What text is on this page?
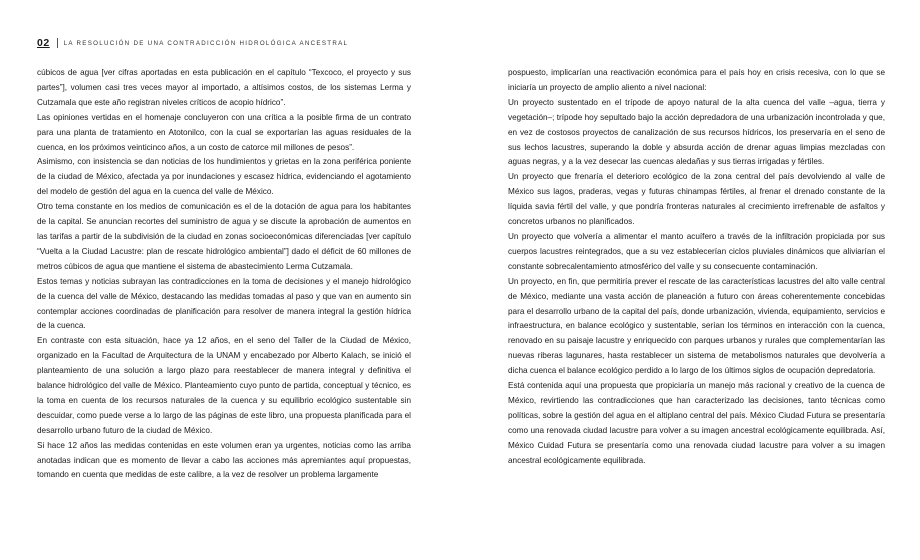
02 LA RESOLUCIÓN DE UNA CONTRADICCIÓN HIDROLÓGICA ANCESTRAL

cúbicos de agua [ver cifras aportadas en esta publicación en el capítulo “Texcoco, el proyecto y sus partes”], volumen casi tres veces mayor al importado, a altísimos costos, de los sistemas Lerma y Cutzamala que este año registran niveles críticos de acopio hídrico”.

Las opiniones vertidas en el homenaje concluyeron con una crítica a la posible firma de un contrato para una planta de tratamiento en Atotonilco, con la cual se exportarían las aguas residuales de la cuenca, en los próximos veinticinco años, a un costo de catorce mil millones de pesos”.

Asimismo, con insistencia se dan noticias de los hundimientos y grietas en la zona periférica poniente de la ciudad de México, afectada ya por inundaciones y escasez hídrica, evidenciando el agotamiento del modelo de gestión del agua en la cuenca del valle de México.

Otro tema constante en los medios de comunicación es el de la dotación de agua para los habitantes de la capital. Se anuncian recortes del suministro de agua y se discute la aprobación de aumentos en las tarifas a partir de la subdivisión de la ciudad en zonas socioeconómicas diferenciadas [ver capítulo “Vuelta a la Ciudad Lacustre: plan de rescate hidrológico ambiental”] dado el déficit de 60 millones de metros cúbicos de agua que mantiene el sistema de abastecimiento Lerma Cutzamala.

Estos temas y noticias subrayan las contradicciones en la toma de decisiones y el manejo hidrológico de la cuenca del valle de México, destacando las medidas tomadas al paso y que van en aumento sin contemplar acciones coordinadas de planificación para resolver de manera integral la gestión hídrica de la cuenca.

En contraste con esta situación, hace ya 12 años, en el seno del Taller de la Ciudad de México, organizado en la Facultad de Arquitectura de la UNAM y encabezado por Alberto Kalach, se inició el planteamiento de una solución a largo plazo para reestablecer de manera integral y definitiva el balance hidrológico del valle de México. Planteamiento cuyo punto de partida, conceptual y técnico, es la toma en cuenta de los recursos naturales de la cuenca y su equilibrio ecológico sustentable sin descuidar, como puede verse a lo largo de las páginas de este libro, una propuesta planificada para el desarrollo urbano futuro de la ciudad de México.

Si hace 12 años las medidas contenidas en este volumen eran ya urgentes, noticias como las arriba anotadas indican que es momento de llevar a cabo las acciones más apremiantes aquí propuestas, tomando en cuenta que medidas de este calibre, a la vez de resolver un problema largamente

pospuesto, implicarían una reactivación económica para el país hoy en crisis recesiva, con lo que se iniciaría un proyecto de amplio aliento a nivel nacional:

Un proyecto sustentado en el trípode de apoyo natural de la alta cuenca del valle –agua, tierra y vegetación–; trípode hoy sepultado bajo la acción depredadora de una urbanización incontrolada y que, en vez de costosos proyectos de canalización de sus recursos hídricos, los preservaría en el seno de sus lechos lacustres, superando la doble y absurda acción de drenar aguas limpias mezcladas con aguas negras, y a la vez desecar las cuencas aledañas y sus tierras irrigadas y fértiles.

Un proyecto que frenaría el deterioro ecológico de la zona central del país devolviendo al valle de México sus lagos, praderas, vegas y futuras chinampas fértiles, al frenar el drenado constante de la líquida savia fértil del valle, y que pondría fronteras naturales al crecimiento irrefrenable de asfaltos y concretos urbanos no planificados.

Un proyecto que volvería a alimentar el manto acuífero a través de la infiltración propiciada por sus cuerpos lacustres reintegrados, que a su vez establecerían ciclos pluviales dinámicos que aliviarían el constante sobrecalentamiento atmosférico del valle y su consecuente contaminación.

Un proyecto, en fin, que permitiría prever el rescate de las características lacustres del alto valle central de México, mediante una vasta acción de planeación a futuro con áreas coherentemente concebidas para el desarrollo urbano de la capital del país, donde urbanización, vivienda, equipamiento, servicios e infraestructura, en balance ecológico y sustentable, serían los términos en interacción con la cuenca, renovado en su paisaje lacustre y enriquecido con parques urbanos y rurales que complementarían las nuevas riberas lagunares, hasta restablecer un sistema de metabolismos naturales que devolvería a dicha cuenca el balance ecológico perdido a lo largo de los últimos siglos de ocupación depredatoria.

Está contenida aquí una propuesta que propiciaría un manejo más racional y creativo de la cuenca de México, revirtiendo las contradicciones que han caracterizado las decisiones, tanto técnicas como políticas, sobre la gestión del agua en el altiplano central del país. México Ciudad Futura se presentaría como una renovada ciudad lacustre para volver a su imagen ancestral ecológicamente equilibrada. Así, México Cuidad Futura se presentaría como una renovada ciudad lacustre para volver a su imagen ancestral ecológicamente equilibrada.
